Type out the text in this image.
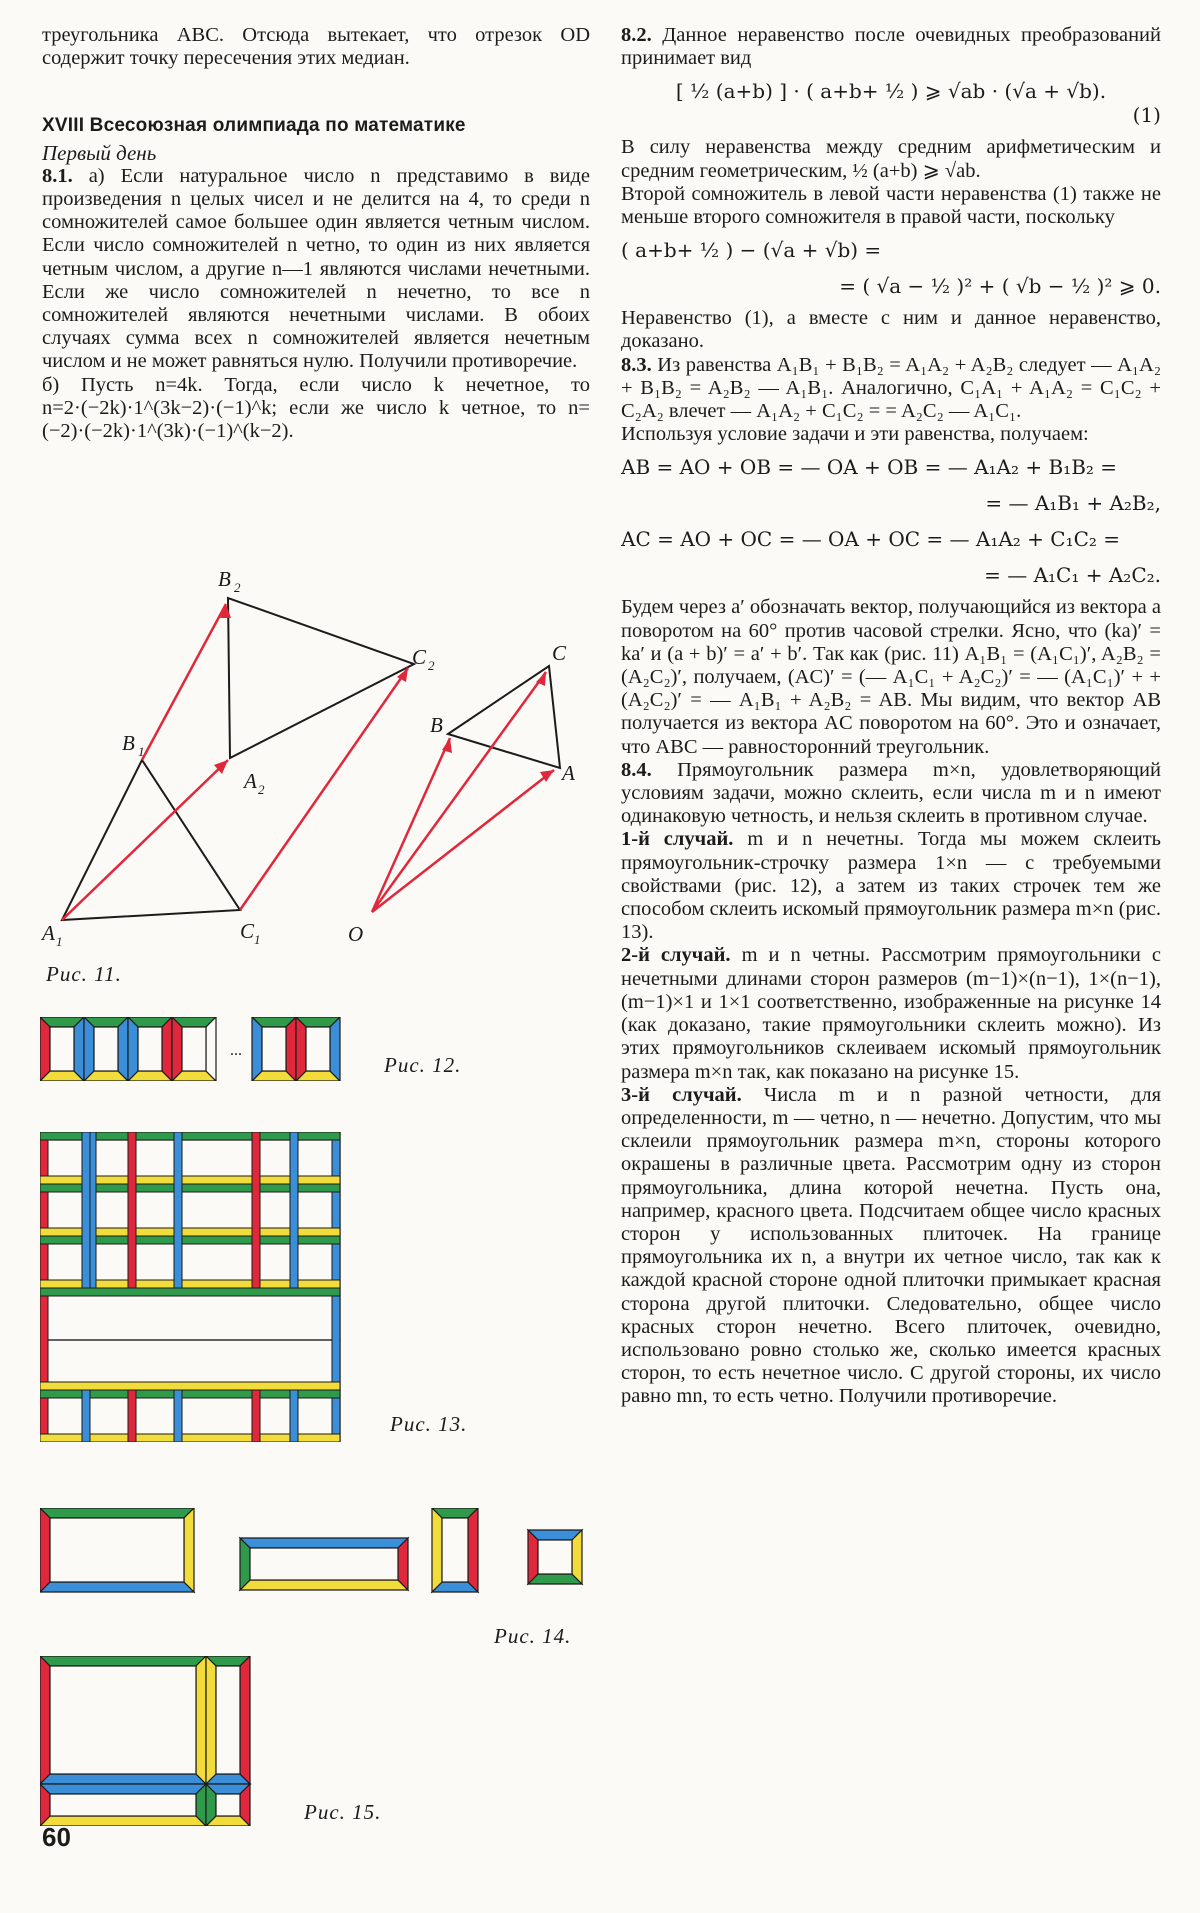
треугольника ABC. Отсюда вытекает, что отрезок OD содержит точку пересечения этих медиан.

XVIII Всесоюзная олимпиада по математике

Первый день

8.1. а) Если натуральное число n представимо в виде произведения n целых чисел и не делится на 4, то среди n сомножителей самое большее один является четным числом. Если число сомножителей n четно, то один из них является четным числом, а другие n—1 являются числами нечетными. Если же число сомножителей n нечетно, то все n сомножителей являются нечетными числами. В обоих случаях сумма всех n сомножителей является нечетным числом и не может равняться нулю. Получили противоречие.

б) Пусть n=4k. Тогда, если число k нечетное, то n=2·(−2k)·1^(3k−2)·(−1)^k; если же число k четное, то n=(−2)·(−2k)·1^(3k)·(−1)^(k−2).

A 1
B 1
C 1
A 2
B 2
C 2
C
B
A
O
Рис. 11.
...
Рис. 12.
Рис. 13.
Рис. 14.
Рис. 15.
60

8.2. Данное неравенство после очевидных преобразований принимает вид

[ ½ (a+b) ] · ( a+b+ ½ ) ⩾ √ab · (√a + √b).

(1)

В силу неравенства между средним арифметическим и средним геометрическим, ½ (a+b) ⩾ √ab.

Второй сомножитель в левой части неравенства (1) также не меньше второго сомножителя в правой части, поскольку

( a+b+ ½ ) − (√a + √b) =

= ( √a − ½ )² + ( √b − ½ )² ⩾ 0.

Неравенство (1), а вместе с ним и данное неравенство, доказано.

8.3. Из равенства A₁B₁ + B₁B₂ = A₁A₂ + A₂B₂ следует — A₁A₂ + B₁B₂ = A₂B₂ — A₁B₁. Аналогично, C₁A₁ + A₁A₂ = C₁C₂ + C₂A₂ влечет — A₁A₂ + C₁C₂ = = A₂C₂ — A₁C₁.

Используя условие задачи и эти равенства, получаем:

AB = AO + OB = — OA + OB = — A₁A₂ + B₁B₂ =

= — A₁B₁ + A₂B₂,

AC = AO + OC = — OA + OC = — A₁A₂ + C₁C₂ =

= — A₁C₁ + A₂C₂.

Будем через a′ обозначать вектор, получающийся из вектора a поворотом на 60° против часовой стрелки. Ясно, что (ka)′ = ka′ и (a + b)′ = a′ + b′. Так как (рис. 11) A₁B₁ = (A₁C₁)′, A₂B₂ = (A₂C₂)′, получаем, (AC)′ = (— A₁C₁ + A₂C₂)′ = — (A₁C₁)′ + + (A₂C₂)′ = — A₁B₁ + A₂B₂ = AB. Мы видим, что вектор AB получается из вектора AC поворотом на 60°. Это и означает, что ABC — равносторонний треугольник.

8.4. Прямоугольник размера m×n, удовлетворяющий условиям задачи, можно склеить, если числа m и n имеют одинаковую четность, и нельзя склеить в противном случае.

1-й случай. m и n нечетны. Тогда мы можем склеить прямоугольник-строчку размера 1×n — с требуемыми свойствами (рис. 12), а затем из таких строчек тем же способом склеить искомый прямоугольник размера m×n (рис. 13).

2-й случай. m и n четны. Рассмотрим прямоугольники с нечетными длинами сторон размеров (m−1)×(n−1), 1×(n−1), (m−1)×1 и 1×1 соответственно, изображенные на рисунке 14 (как доказано, такие прямоугольники склеить можно). Из этих прямоугольников склеиваем искомый прямоугольник размера m×n так, как показано на рисунке 15.

3-й случай. Числа m и n разной четности, для определенности, m — четно, n — нечетно. Допустим, что мы склеили прямоугольник размера m×n, стороны которого окрашены в различные цвета. Рассмотрим одну из сторон прямоугольника, длина которой нечетна. Пусть она, например, красного цвета. Подсчитаем общее число красных сторон у использованных плиточек. На границе прямоугольника их n, а внутри их четное число, так как к каждой красной стороне одной плиточки примыкает красная сторона другой плиточки. Следовательно, общее число красных сторон нечетно. Всего плиточек, очевидно, использовано ровно столько же, сколько имеется красных сторон, то есть нечетное число. С другой стороны, их число равно mn, то есть четно. Получили противоречие.
